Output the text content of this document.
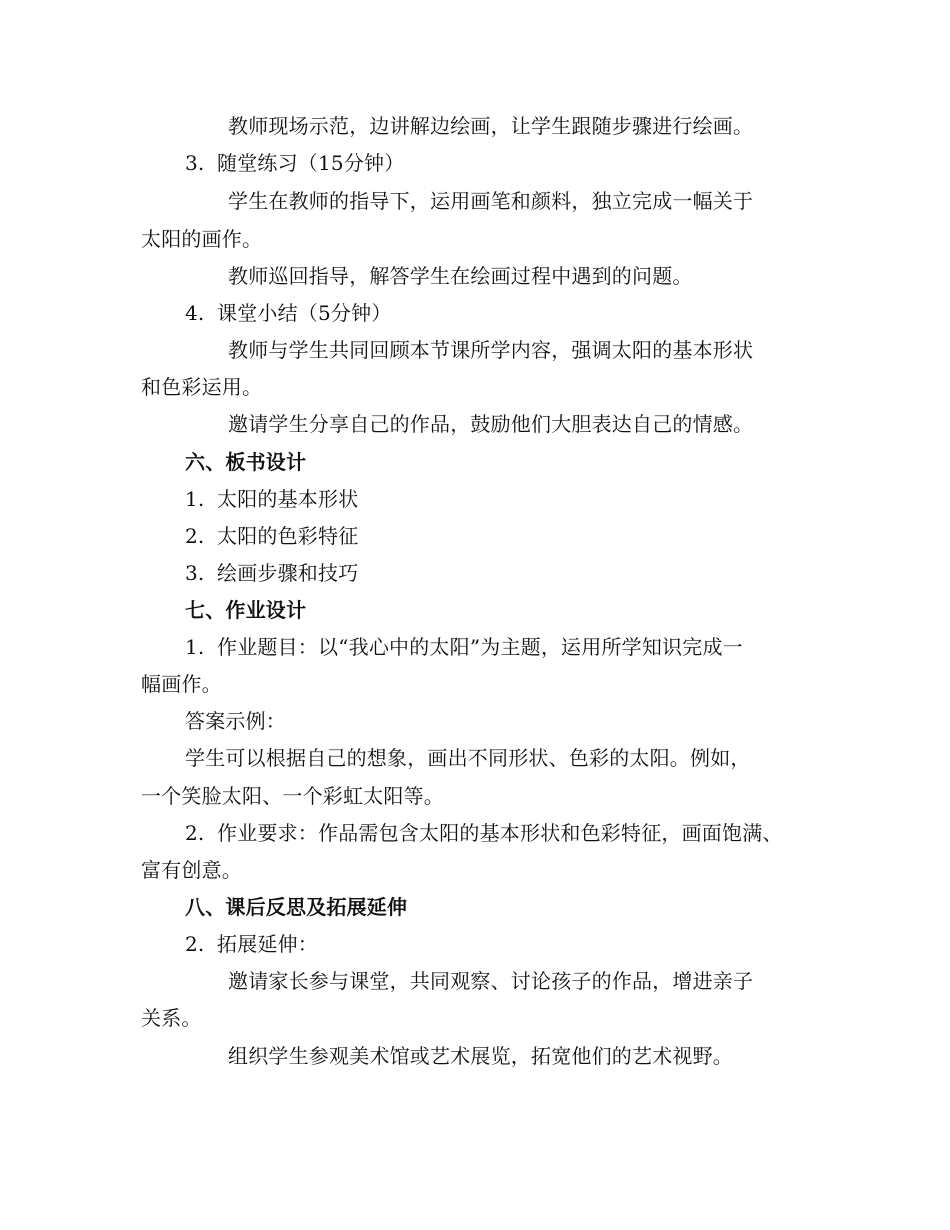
教师现场示范，边讲解边绘画，让学生跟随步骤进行绘画。
3. 随堂练习（15分钟）
学生在教师的指导下，运用画笔和颜料，独立完成一幅关于
太阳的画作。
教师巡回指导，解答学生在绘画过程中遇到的问题。
4. 课堂小结（5分钟）
教师与学生共同回顾本节课所学内容，强调太阳的基本形状
和色彩运用。
邀请学生分享自己的作品，鼓励他们大胆表达自己的情感。
六、板书设计
1. 太阳的基本形状
2. 太阳的色彩特征
3. 绘画步骤和技巧
七、作业设计
1. 作业题目：以“我心中的太阳”为主题，运用所学知识完成一
幅画作。
答案示例：
学生可以根据自己的想象，画出不同形状、色彩的太阳。例如，
一个笑脸太阳、一个彩虹太阳等。
2. 作业要求：作品需包含太阳的基本形状和色彩特征，画面饱满、
富有创意。
八、课后反思及拓展延伸
2. 拓展延伸：
邀请家长参与课堂，共同观察、讨论孩子的作品，增进亲子
关系。
组织学生参观美术馆或艺术展览，拓宽他们的艺术视野。
